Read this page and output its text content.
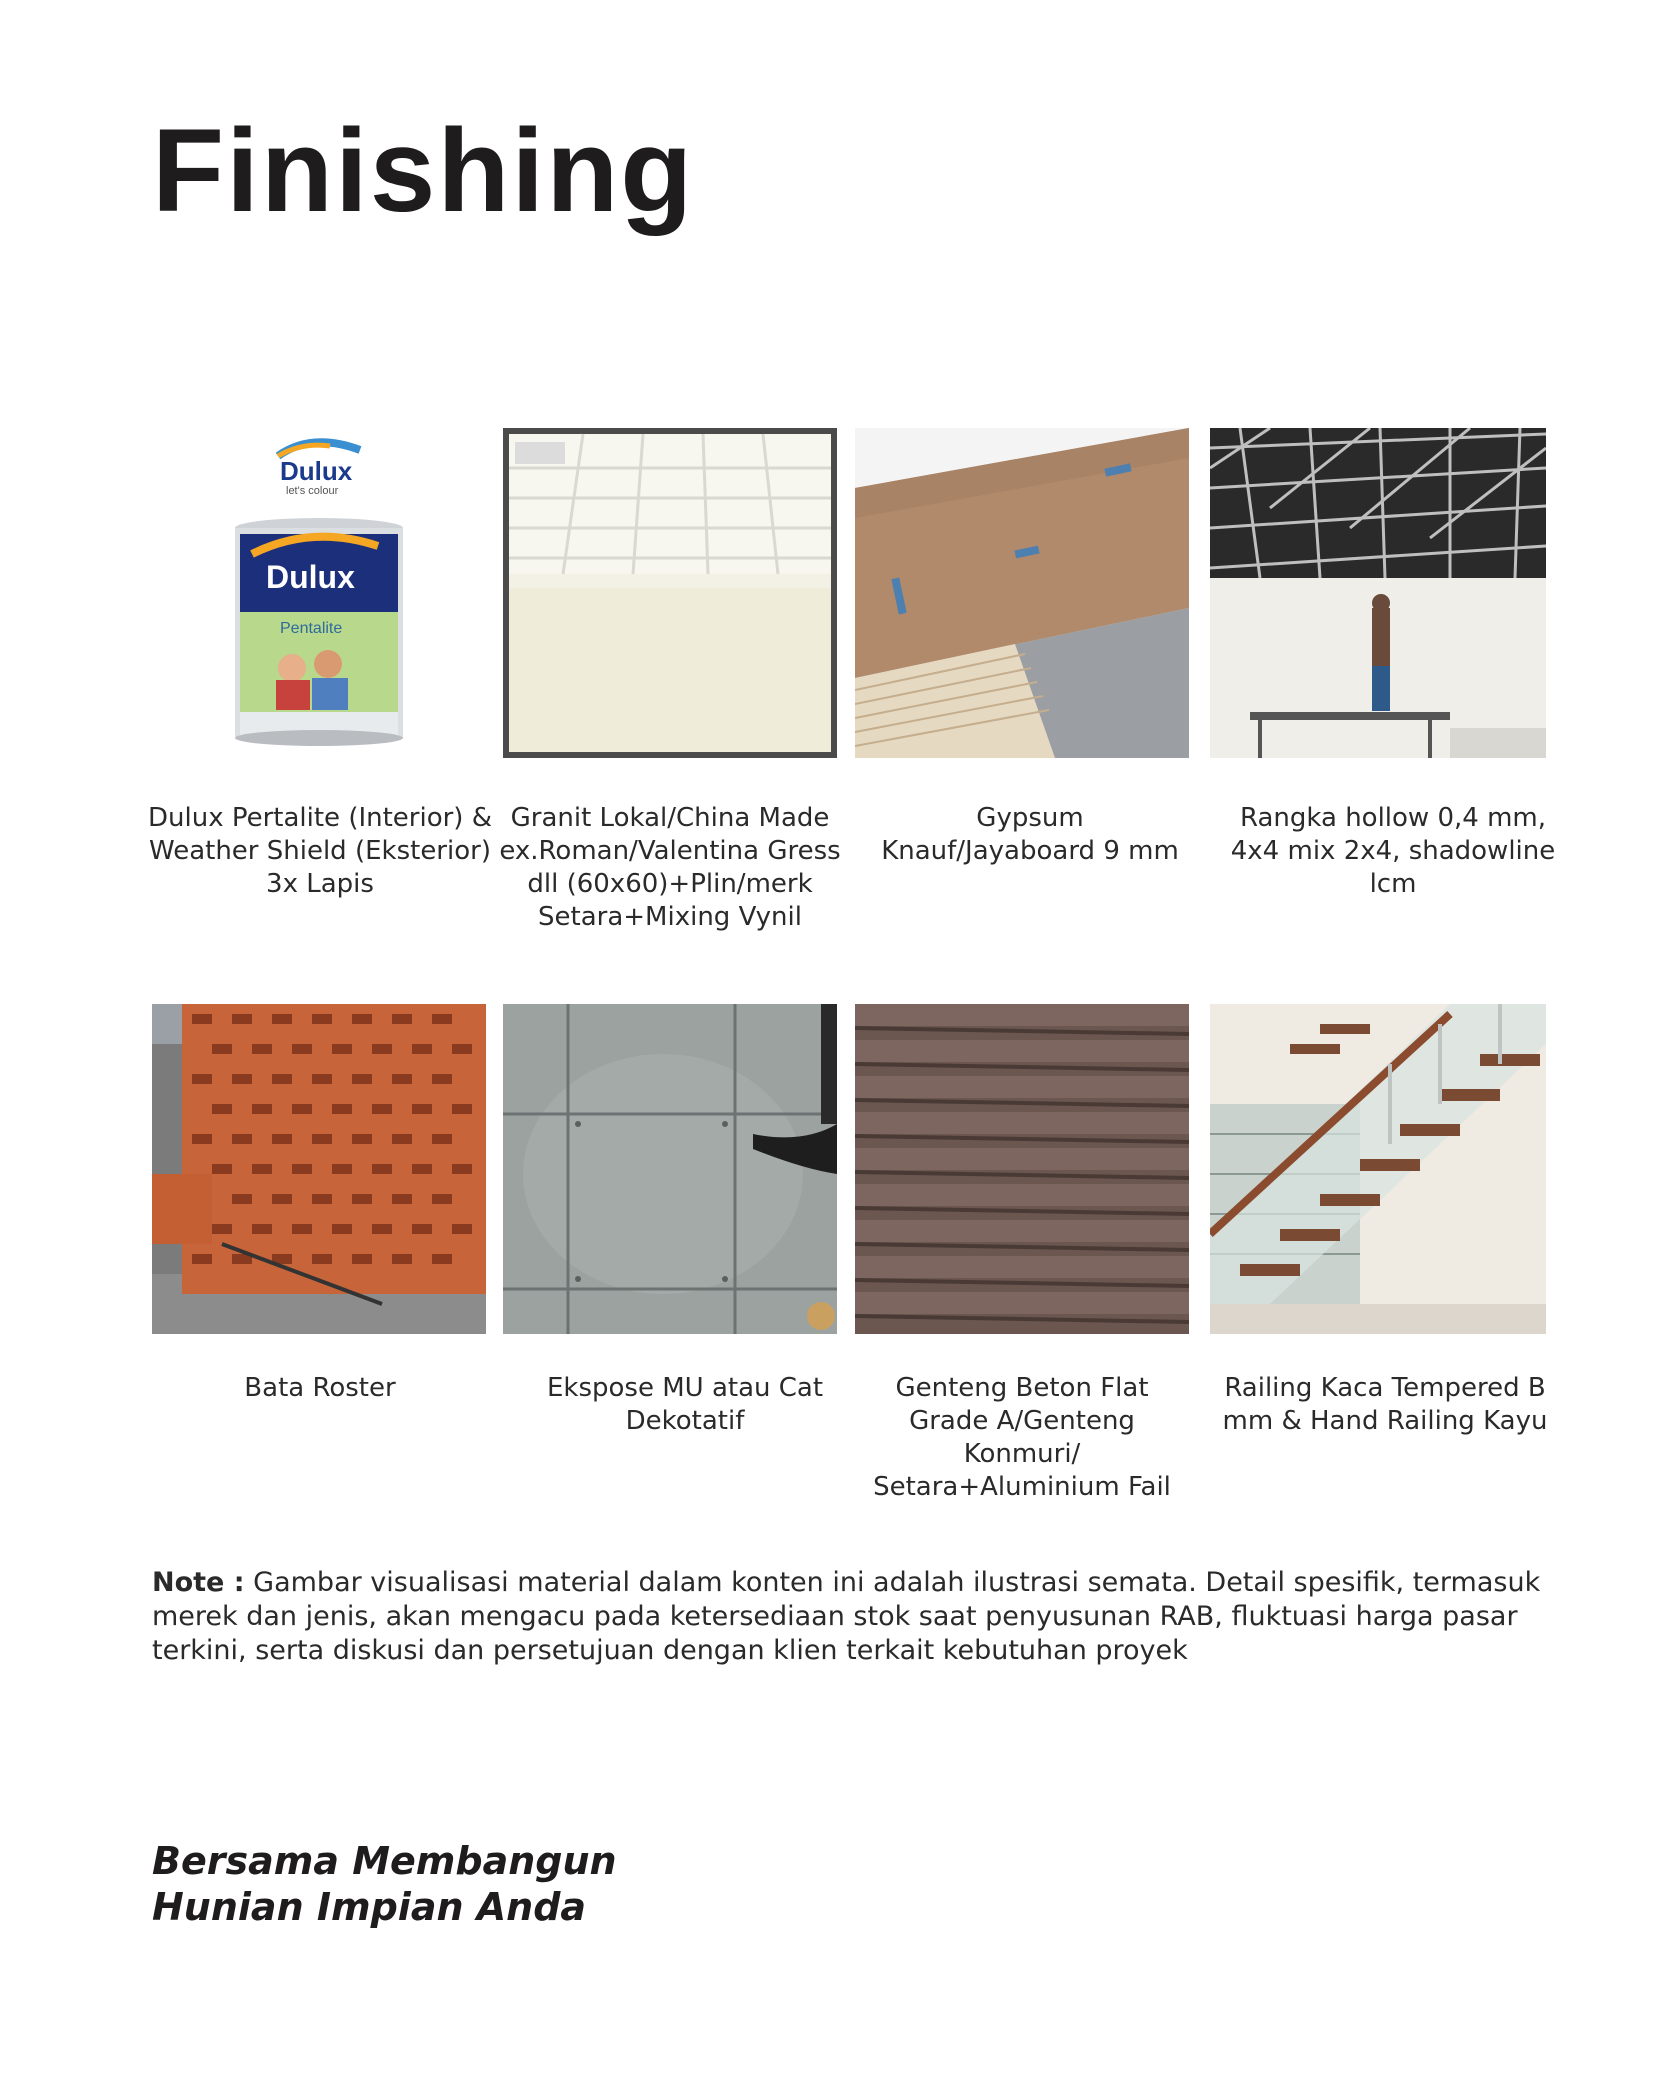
Finishing
Dulux
let's colour
Dulux
Pentalite
Dulux Pertalite (Interior) & Weather Shield (Eksterior) 3x Lapis
Granit Lokal/China Made ex.Roman/Valentina Gress dll (60x60)+Plin/merk Setara+Mixing Vynil
Gypsum Knauf/Jayaboard 9 mm
Rangka hollow 0,4 mm, 4x4 mix 2x4, shadowline lcm
Bata Roster	Ekspose MU atau Cat Dekotatif
Genteng Beton Flat Grade A/Genteng Konmuri/ Setara+Aluminium Fail
Railing Kaca Tempered B mm & Hand Railing Kayu
Note : Gambar visualisasi material dalam konten ini adalah ilustrasi semata. Detail spesifik, termasuk merek dan jenis, akan mengacu pada ketersediaan stok saat penyusunan RAB, fluktuasi harga pasar terkini, serta diskusi dan persetujuan dengan klien terkait kebutuhan proyek
Bersama Membangun
Hunian Impian Anda
